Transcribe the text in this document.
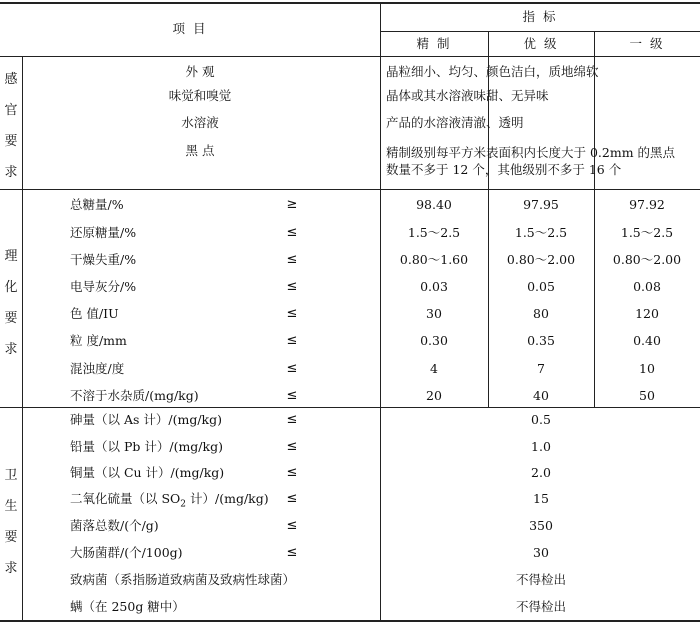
项 目
指 标
精 制	优 级	一 级
感
官
要
求
外 观	晶粒细小、均匀、颜色洁白，质地绵软
味觉和嗅觉	晶体或其水溶液味甜、无异味
水溶液	产品的水溶液清澈、透明
黑 点	精制级别每平方米表面积内长度大于 0.2mm 的黑点数量不多于 12 个，其他级别不多于 16 个
理
化
要
求
总糖量/%	≥	98.40	97.95	97.92
还原糖量/%	≤	1.5～2.5	1.5～2.5	1.5～2.5
干燥失重/%	≤	0.80～1.60	0.80～2.00	0.80～2.00
电导灰分/%	≤	0.03	0.05	0.08
色 值/IU	≤	30	80	120
粒 度/mm	≤	0.30	0.35	0.40
混浊度/度	≤	4	7	10
不溶于水杂质/(mg/kg)	≤	20	40	50
卫
生
要
求
砷量（以 As 计）/(mg/kg)	≤	0.5
铅量（以 Pb 计）/(mg/kg)	≤	1.0
铜量（以 Cu 计）/(mg/kg)	≤	2.0
二氧化硫量（以 $SO_2$ 计）/(mg/kg) ≤	15
菌落总数/(个/g)	≤	350
大肠菌群/(个/100g)	≤	30
致病菌（系指肠道致病菌及致病性球菌）	不得检出
螨（在 250g 糖中）	不得检出
